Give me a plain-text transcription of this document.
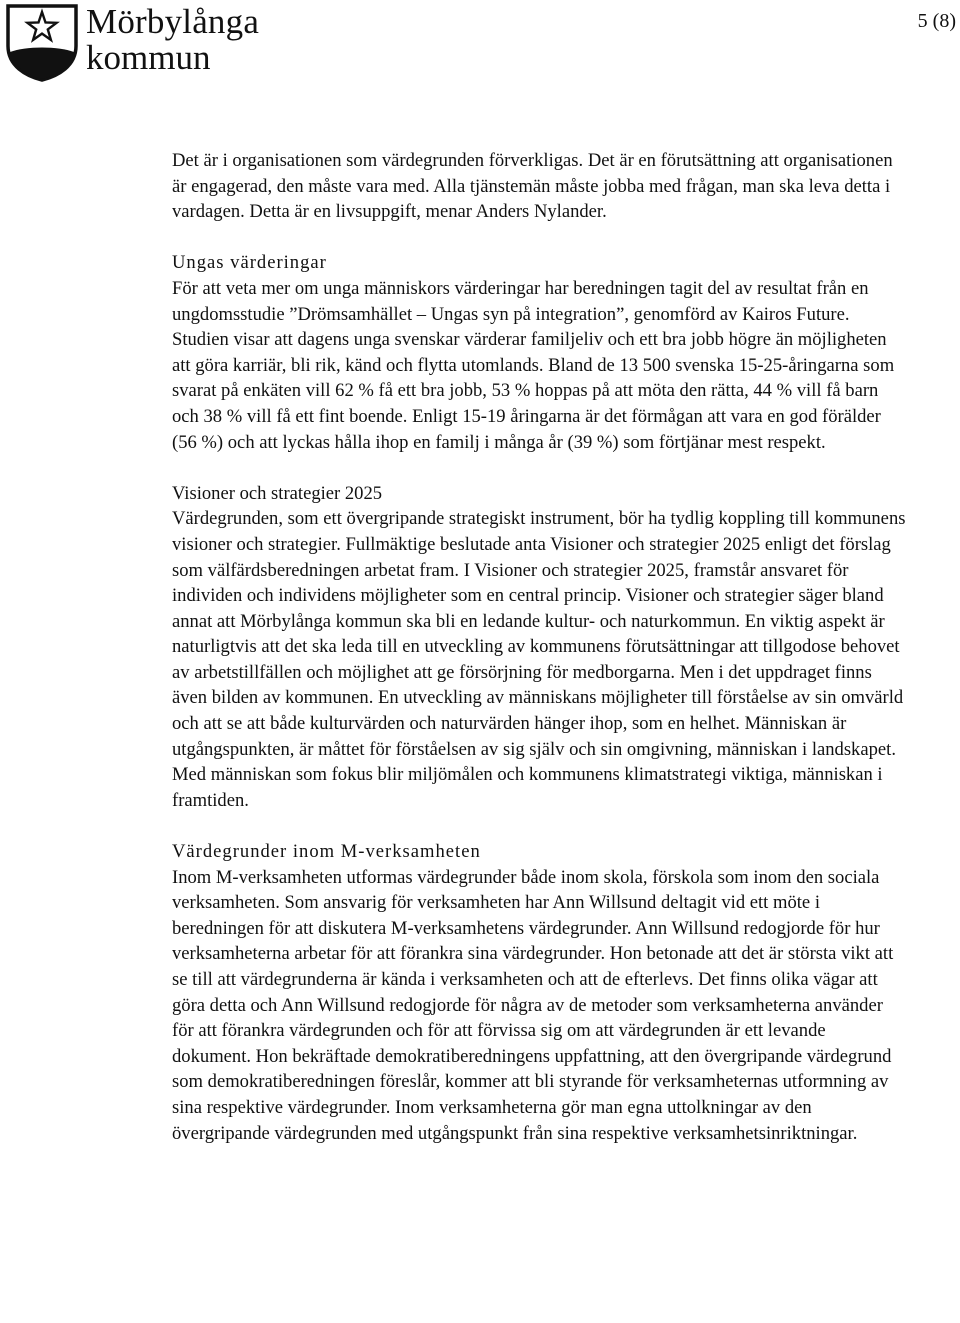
Mörbylånga
kommun
5 (8)

Det är i organisationen som värdegrunden förverkligas. Det är en förutsättning att organisationen är engagerad, den måste vara med. Alla tjänstemän måste jobba med frågan, man ska leva detta i vardagen. Detta är en livsuppgift, menar Anders Nylander.

Ungas värderingar

För att veta mer om unga människors värderingar har beredningen tagit del av resultat från en ungdomsstudie ”Drömsamhället – Ungas syn på integration”, genomförd av Kairos Future. Studien visar att dagens unga svenskar värderar familjeliv och ett bra jobb högre än möjligheten att göra karriär, bli rik, känd och flytta utomlands. Bland de 13 500 svenska 15-25-åringarna som svarat på enkäten vill 62 % få ett bra jobb, 53 % hoppas på att möta den rätta, 44 % vill få barn och 38 % vill få ett fint boende. Enligt 15-19 åringarna är det förmågan att vara en god förälder (56 %) och att lyckas hålla ihop en familj i många år (39 %) som förtjänar mest respekt.

Visioner och strategier 2025

Värdegrunden, som ett övergripande strategiskt instrument, bör ha tydlig koppling till kommunens visioner och strategier. Fullmäktige beslutade anta Visioner och strategier 2025 enligt det förslag som välfärdsberedningen arbetat fram. I Visioner och strategier 2025, framstår ansvaret för individen och individens möjligheter som en central princip. Visioner och strategier säger bland annat att Mörbylånga kommun ska bli en ledande kultur- och naturkommun. En viktig aspekt är naturligtvis att det ska leda till en utveckling av kommunens förutsättningar att tillgodose behovet av arbetstillfällen och möjlighet att ge försörjning för medborgarna. Men i det uppdraget finns även bilden av kommunen. En utveckling av människans möjligheter till förståelse av sin omvärld och att se att både kulturvärden och naturvärden hänger ihop, som en helhet. Människan är utgångspunkten, är måttet för förståelsen av sig själv och sin omgivning, människan i landskapet. Med människan som fokus blir miljömålen och kommunens klimatstrategi viktiga, människan i framtiden.

Värdegrunder inom M-verksamheten

Inom M-verksamheten utformas värdegrunder både inom skola, förskola som inom den sociala verksamheten. Som ansvarig för verksamheten har Ann Willsund deltagit vid ett möte i beredningen för att diskutera M-verksamhetens värdegrunder. Ann Willsund redogjorde för hur verksamheterna arbetar för att förankra sina värdegrunder. Hon betonade att det är största vikt att se till att värdegrunderna är kända i verksamheten och att de efterlevs. Det finns olika vägar att göra detta och Ann Willsund redogjorde för några av de metoder som verksamheterna använder för att förankra värdegrunden och för att förvissa sig om att värdegrunden är ett levande dokument. Hon bekräftade demokratiberedningens uppfattning, att den övergripande värdegrund som demokratiberedningen föreslår, kommer att bli styrande för verksamheternas utformning av sina respektive värdegrunder. Inom verksamheterna gör man egna uttolkningar av den övergripande värdegrunden med utgångspunkt från sina respektive verksamhetsinriktningar.
